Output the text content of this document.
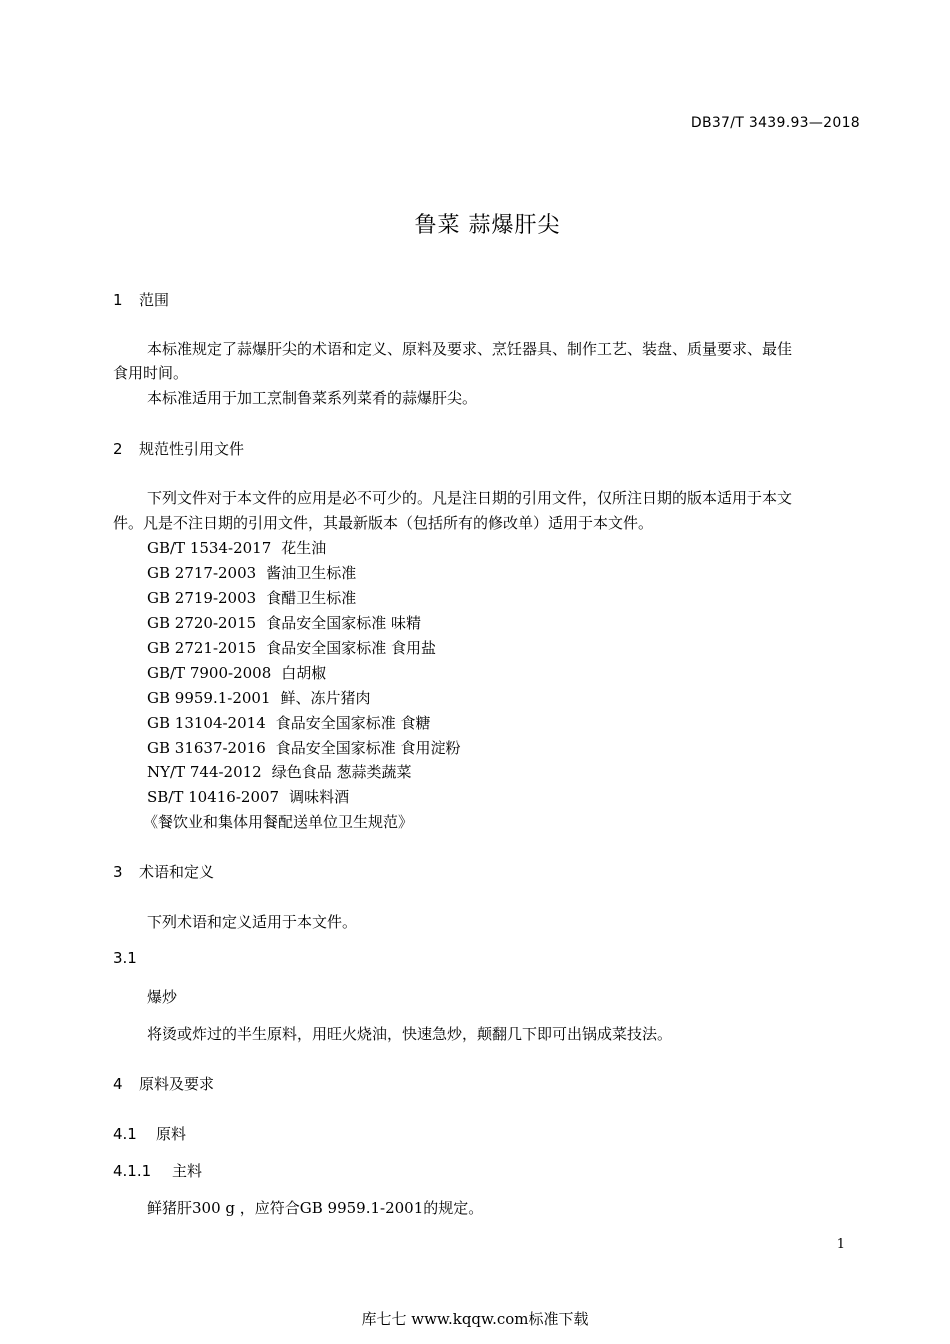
DB37/T 3439.93—2018
鲁菜 蒜爆肝尖
1 范围
本标准规定了蒜爆肝尖的术语和定义、原料及要求、烹饪器具、制作工艺、装盘、质量要求、最佳
食用时间。
本标准适用于加工烹制鲁菜系列菜肴的蒜爆肝尖。
2 规范性引用文件
下列文件对于本文件的应用是必不可少的。凡是注日期的引用文件，仅所注日期的版本适用于本文
件。凡是不注日期的引用文件，其最新版本（包括所有的修改单）适用于本文件。
GB/T 1534-2017 花生油
GB 2717-2003 酱油卫生标准
GB 2719-2003 食醋卫生标准
GB 2720-2015 食品安全国家标准 味精
GB 2721-2015 食品安全国家标准 食用盐
GB/T 7900-2008 白胡椒
GB 9959.1-2001 鲜、冻片猪肉
GB 13104-2014 食品安全国家标准 食糖
GB 31637-2016 食品安全国家标准 食用淀粉
NY/T 744-2012 绿色食品 葱蒜类蔬菜
SB/T 10416-2007 调味料酒
《餐饮业和集体用餐配送单位卫生规范》
3 术语和定义
下列术语和定义适用于本文件。
3.1
爆炒
将烫或炸过的半生原料，用旺火烧油，快速急炒，颠翻几下即可出锅成菜技法。
4 原料及要求
4.1 原料
4.1.1 主料
鲜猪肝300 g ，应符合GB 9959.1-2001的规定。
1
库七七 www.kqqw.com标准下载
